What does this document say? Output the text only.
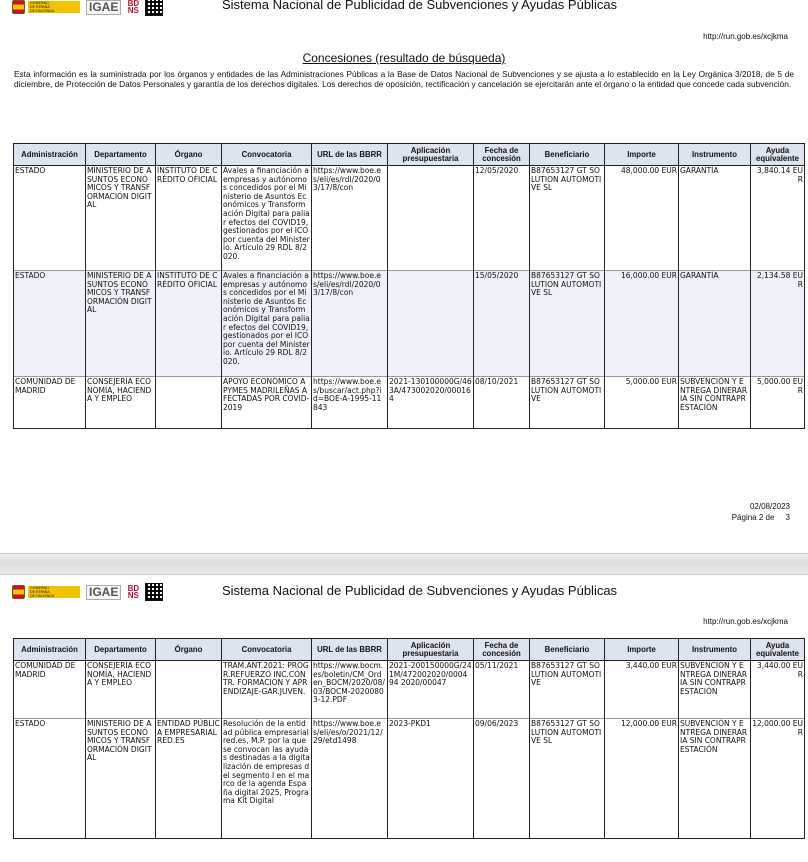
GOBIERNO
DE ESPAÑA
DE HACIENDA	IGAE	BD NS	Sistema Nacional de Publicidad de Subvenciones y Ayudas Públicas
http://run.gob.es/xcjkma
Concesiones (resultado de búsqueda)
Esta información es la suministrada por los órganos y entidades de las Administraciones Públicas a la Base de Datos Nacional de Subvenciones y se ajusta a lo establecido en la Ley Orgánica 3/2018, de 5 de diciembre, de Protección de Datos Personales y garantía de los derechos digitales. Los derechos de oposición, rectificación y cancelación se ejercitarán ante el órgano o la entidad que concede cada subvención.
Administración	Departamento	Órgano	Convocatoria	URL de las BBRR	Aplicación presupuestaria	Fecha de concesión	Beneficiario	Importe	Instrumento	Ayuda equivalente
ESTADO	MINISTERIO DE ASUNTOS ECONÓMICOS Y TRANSFORMACIÓN DIGITAL	INSTITUTO DE CRÉDITO OFICIAL	Avales a financiación a empresas y autónomos concedidos por el Ministerio de Asuntos Económicos y Transformación Digital para paliar efectos del COVID19, gestionados por el ICO por cuenta del Ministerio. Artículo 29 RDL 8/2020.	https://www.boe.es/eli/es/rdl/2020/03/17/8/con		12/05/2020	B87653127 GT SOLUTION AUTOMOTIVE SL	48,000.00 EUR	GARANTÍA	3,840.14 EUR
ESTADO	MINISTERIO DE ASUNTOS ECONÓMICOS Y TRANSFORMACIÓN DIGITAL	INSTITUTO DE CRÉDITO OFICIAL	Avales a financiación a empresas y autónomos concedidos por el Ministerio de Asuntos Económicos y Transformación Digital para paliar efectos del COVID19, gestionados por el ICO por cuenta del Ministerio. Artículo 29 RDL 8/2020.	https://www.boe.es/eli/es/rdl/2020/03/17/8/con		15/05/2020	B87653127 GT SOLUTION AUTOMOTIVE SL	16,000.00 EUR	GARANTÍA	2,134.58 EUR
COMUNIDAD DE MADRID	CONSEJERÍA ECONOMÍA, HACIENDA Y EMPLEO		APOYO ECONÓMICO A PYMES MADRILEÑAS AFECTADAS POR COVID-2019	https://www.boe.es/buscar/act.php?id=BOE-A-1995-11843	2021-130100000G/463A/473002020/000164	08/10/2021	B87653127 GT SOLUTION AUTOMOTIVE	5,000.00 EUR	SUBVENCIÓN Y ENTREGA DINERARIA SIN CONTRAPRESTACIÓN	5,000.00 EUR
02/08/2023
Página 2 de 3
GOBIERNO
DE ESPAÑA
DE HACIENDA	IGAE	BD NS	Sistema Nacional de Publicidad de Subvenciones y Ayudas Públicas
http://run.gob.es/xcjkma
Administración	Departamento	Órgano	Convocatoria	URL de las BBRR	Aplicación presupuestaria	Fecha de concesión	Beneficiario	Importe	Instrumento	Ayuda equivalente
COMUNIDAD DE MADRID	CONSEJERÍA ECONOMÍA, HACIENDA Y EMPLEO		TRAM.ANT.2021: PROGR.REFUERZO INC.CONTR. FORMACION Y APRENDIZAJE-GAR.JUVEN.	https://www.bocm.es/boletin/CM_Orden_BOCM/2020/08/03/BOCM-20200803-12.PDF	2021-200150000G/241M/472002020/000494 2020/00047	05/11/2021	B87653127 GT SOLUTION AUTOMOTIVE	3,440.00 EUR	SUBVENCIÓN Y ENTREGA DINERARIA SIN CONTRAPRESTACIÓN	3,440.00 EUR
ESTADO	MINISTERIO DE ASUNTOS ECONÓMICOS Y TRANSFORMACIÓN DIGITAL	ENTIDAD PÚBLICA EMPRESARIAL RED.ES	Resolución de la entidad pública empresarial red.es, M.P. por la que se convocan las ayudas destinadas a la digitalización de empresas del segmento I en el marco de la agenda España digital 2025, Programa Kit Digital	https://www.boe.es/eli/es/o/2021/12/29/etd1498	2023-PKD1	09/06/2023	B87653127 GT SOLUTION AUTOMOTIVE SL	12,000.00 EUR	SUBVENCIÓN Y ENTREGA DINERARIA SIN CONTRAPRESTACIÓN	12,000.00 EUR
